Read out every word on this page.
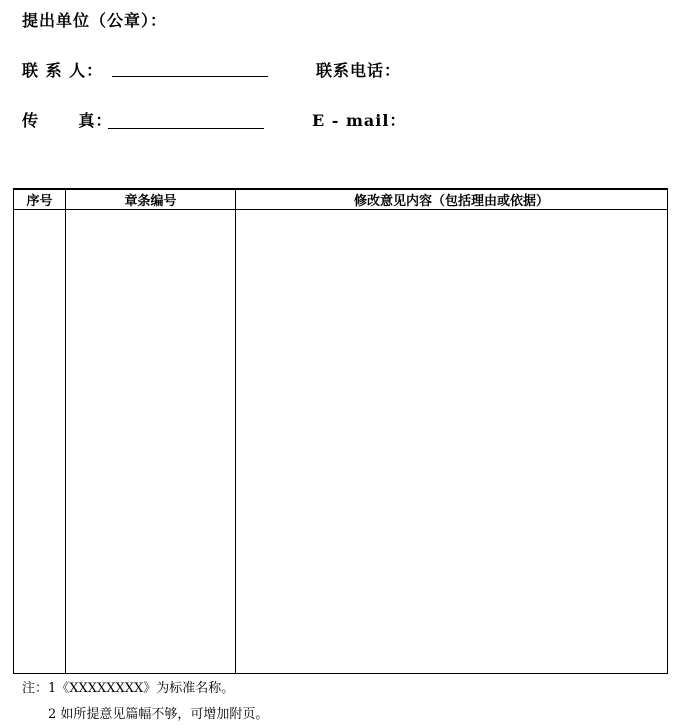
提出单位（公章）：
联 系 人：	联系电话：
传      真：	E - mail：
序号	章条编号	修改意见内容（包括理由或依据）

注：1《XXXXXXXX》为标准名称。
2 如所提意见篇幅不够，可增加附页。
